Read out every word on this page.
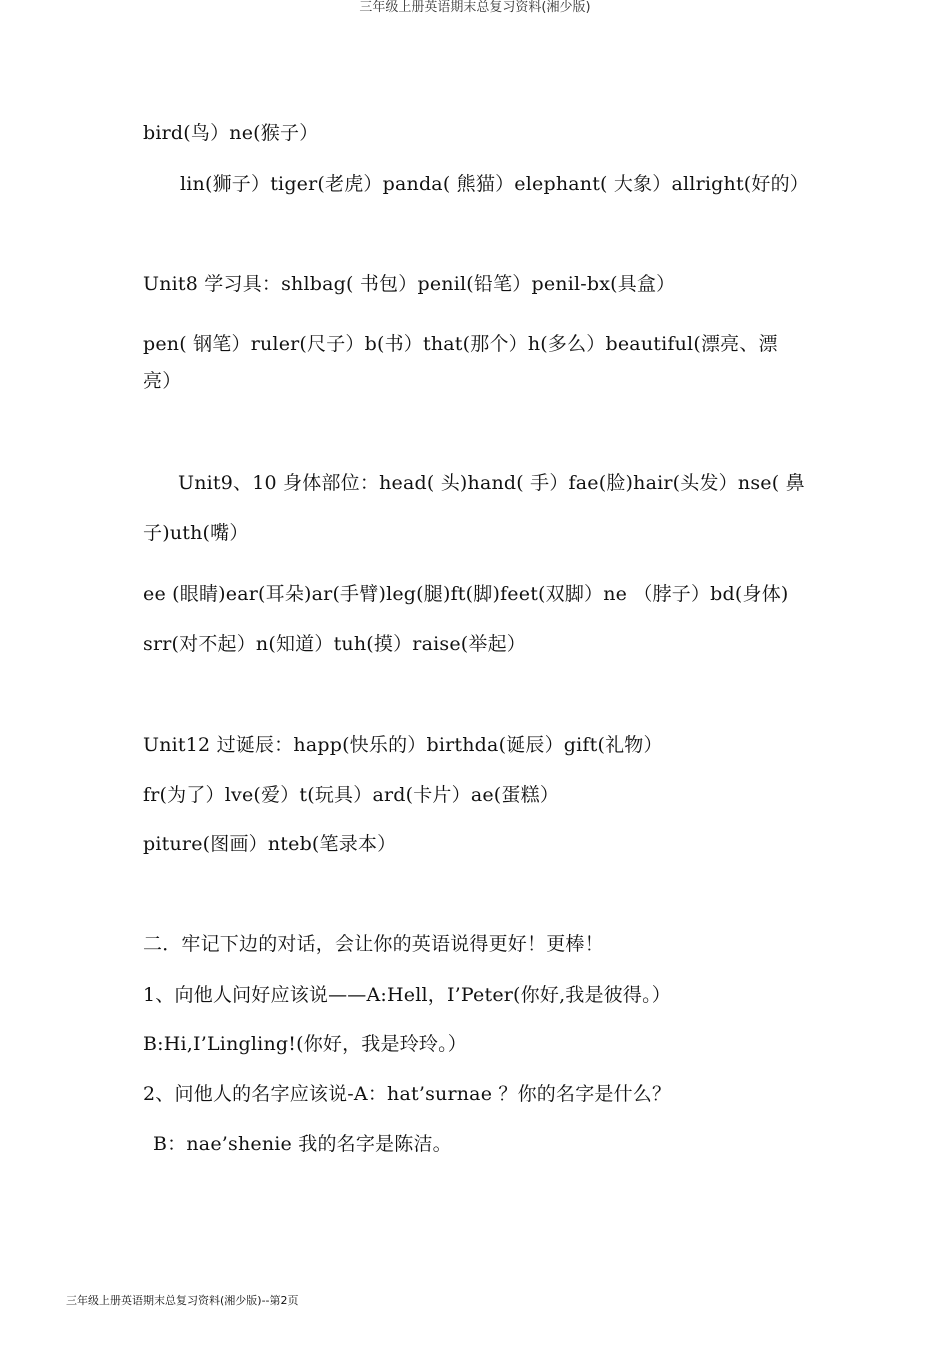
三年级上册英语期末总复习资料(湘少版)
bird(鸟）ne(猴子）
lin(狮子）tiger(老虎）panda( 熊猫）elephant( 大象）allright(好的）
Unit8 学习具：shlbag( 书包）penil(铅笔）penil-bx(具盒）
pen( 钢笔）ruler(尺子）b(书）that(那个）h(多么）beautiful(漂亮、漂
亮）
Unit9、10 身体部位：head( 头)hand( 手）fae(脸)hair(头发）nse( 鼻
子)uth(嘴）
ee (眼睛)ear(耳朵)ar(手臂)leg(腿)ft(脚)feet(双脚）ne （脖子）bd(身体)
srr(对不起）n(知道）tuh(摸）raise(举起）
Unit12 过诞辰：happ(快乐的）birthda(诞辰）gift(礼物）
fr(为了）lve(爱）t(玩具）ard(卡片）ae(蛋糕）
piture(图画）nteb(笔录本）
二．牢记下边的对话，会让你的英语说得更好！更棒！
1、向他人问好应该说——A:Hell，I’Peter(你好,我是彼得。）
B:Hi,I’Lingling!(你好，我是玲玲。）
2、问他人的名字应该说-A：hat’surnae ？你的名字是什么？
B：nae’shenie 我的名字是陈洁。
三年级上册英语期末总复习资料(湘少版)--第2页
